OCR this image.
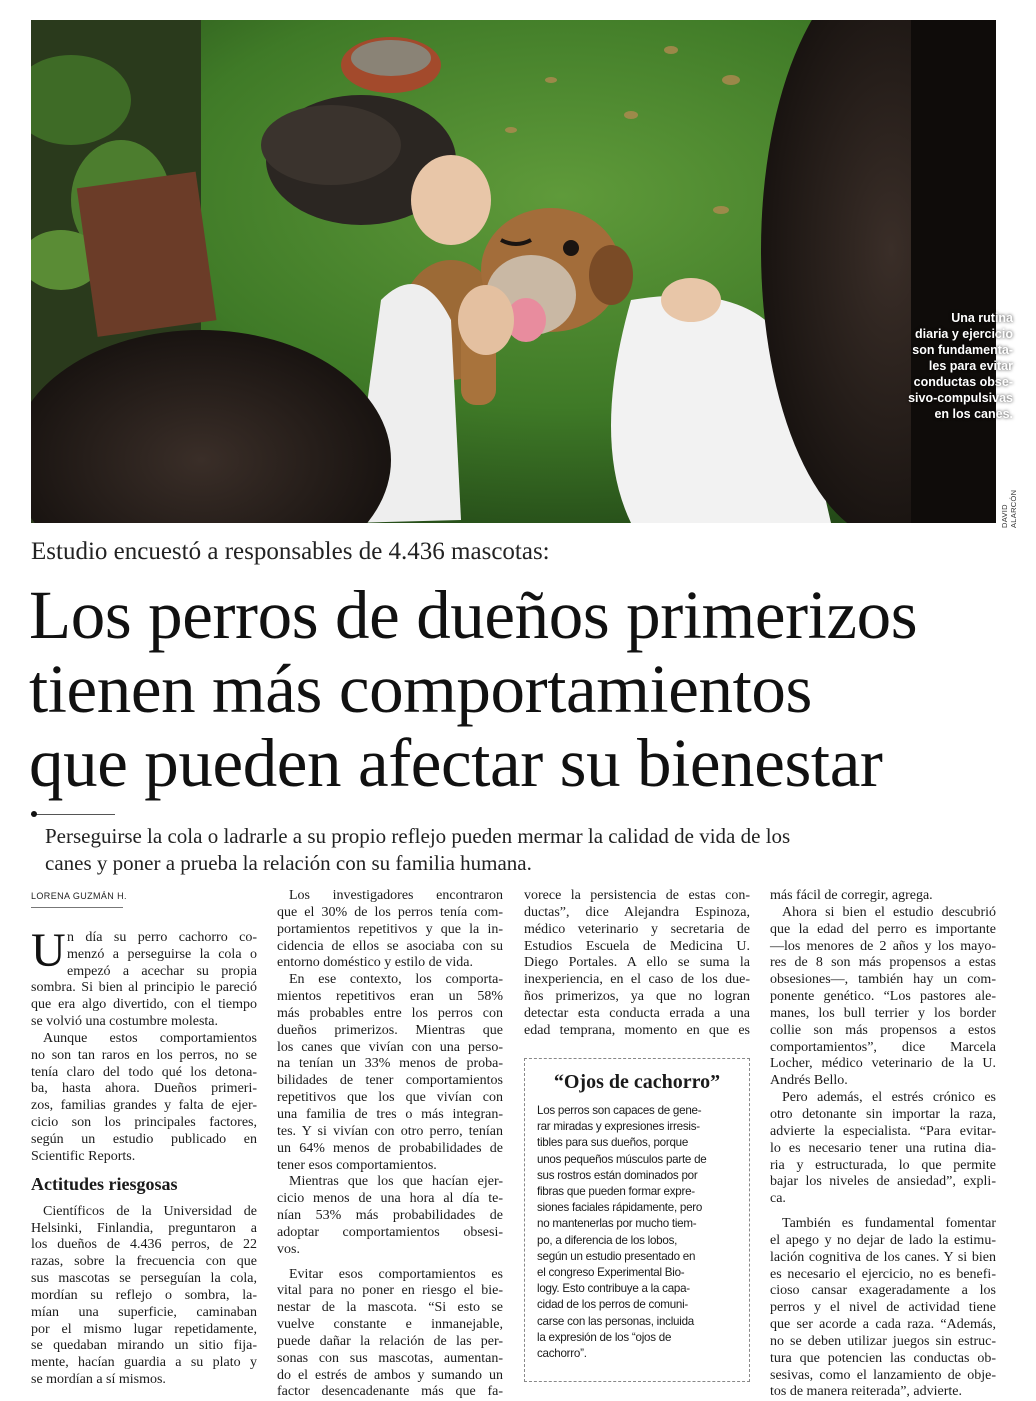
Una rutina
diaria y ejercicio
son fundamenta-
les para evitar
conductas obse-
sivo-compulsivas
en los canes.
DAVID ALARCÓN
Estudio encuestó a responsables de 4.436 mascotas:
Los perros de dueños primerizos
tienen más comportamientos
que pueden afectar su bienestar
Perseguirse la cola o ladrarle a su propio reflejo pueden mermar la calidad de vida de los
canes y poner a prueba la relación con su familia humana.
LORENA GUZMÁN H.
U n día su perro cachorro co-
menzó a perseguirse la cola o
empezó a acechar su propia
sombra. Si bien al principio le pareció
que era algo divertido, con el tiempo
se volvió una costumbre molesta.
Aunque estos comportamientos
no son tan raros en los perros, no se
tenía claro del todo qué los detona-
ba, hasta ahora. Dueños primeri-
zos, familias grandes y falta de ejer-
cicio son los principales factores,
según un estudio publicado en
Scientific Reports.
Actitudes riesgosas
Científicos de la Universidad de
Helsinki, Finlandia, preguntaron a
los dueños de 4.436 perros, de 22
razas, sobre la frecuencia con que
sus mascotas se perseguían la cola,
mordían su reflejo o sombra, la-
mían una superficie, caminaban
por el mismo lugar repetidamente,
se quedaban mirando un sitio fija-
mente, hacían guardia a su plato y
se mordían a sí mismos.
Los investigadores encontraron
que el 30% de los perros tenía com-
portamientos repetitivos y que la in-
cidencia de ellos se asociaba con su
entorno doméstico y estilo de vida.
En ese contexto, los comporta-
mientos repetitivos eran un 58%
más probables entre los perros con
dueños primerizos. Mientras que
los canes que vivían con una perso-
na tenían un 33% menos de proba-
bilidades de tener comportamientos
repetitivos que los que vivían con
una familia de tres o más integran-
tes. Y si vivían con otro perro, tenían
un 64% menos de probabilidades de
tener esos comportamientos.
Mientras que los que hacían ejer-
cicio menos de una hora al día te-
nían 53% más probabilidades de
adoptar comportamientos obsesi-
vos.
Evitar esos comportamientos es
vital para no poner en riesgo el bie-
nestar de la mascota. “Si esto se
vuelve constante e inmanejable,
puede dañar la relación de las per-
sonas con sus mascotas, aumentan-
do el estrés de ambos y sumando un
factor desencadenante más que fa-
vorece la persistencia de estas con-
ductas”, dice Alejandra Espinoza,
médico veterinario y secretaria de
Estudios Escuela de Medicina U.
Diego Portales. A ello se suma la
inexperiencia, en el caso de los due-
ños primerizos, ya que no logran
detectar esta conducta errada a una
edad temprana, momento en que es
“Ojos de cachorro”
Los perros son capaces de gene-
rar miradas y expresiones irresis-
tibles para sus dueños, porque
unos pequeños músculos parte de
sus rostros están dominados por
fibras que pueden formar expre-
siones faciales rápidamente, pero
no mantenerlas por mucho tiem-
po, a diferencia de los lobos,
según un estudio presentado en
el congreso Experimental Bio-
logy. Esto contribuye a la capa-
cidad de los perros de comuni-
carse con las personas, incluida
la expresión de los “ojos de
cachorro”.
más fácil de corregir, agrega.
Ahora si bien el estudio descubrió
que la edad del perro es importante
—los menores de 2 años y los mayo-
res de 8 son más propensos a estas
obsesiones—, también hay un com-
ponente genético. “Los pastores ale-
manes, los bull terrier y los border
collie son más propensos a estos
comportamientos”, dice Marcela
Locher, médico veterinario de la U.
Andrés Bello.
Pero además, el estrés crónico es
otro detonante sin importar la raza,
advierte la especialista. “Para evitar-
lo es necesario tener una rutina dia-
ria y estructurada, lo que permite
bajar los niveles de ansiedad”, expli-
ca.
También es fundamental fomentar
el apego y no dejar de lado la estimu-
lación cognitiva de los canes. Y si bien
es necesario el ejercicio, no es benefi-
cioso cansar exageradamente a los
perros y el nivel de actividad tiene
que ser acorde a cada raza. “Además,
no se deben utilizar juegos sin estruc-
tura que potencien las conductas ob-
sesivas, como el lanzamiento de obje-
tos de manera reiterada”, advierte.
